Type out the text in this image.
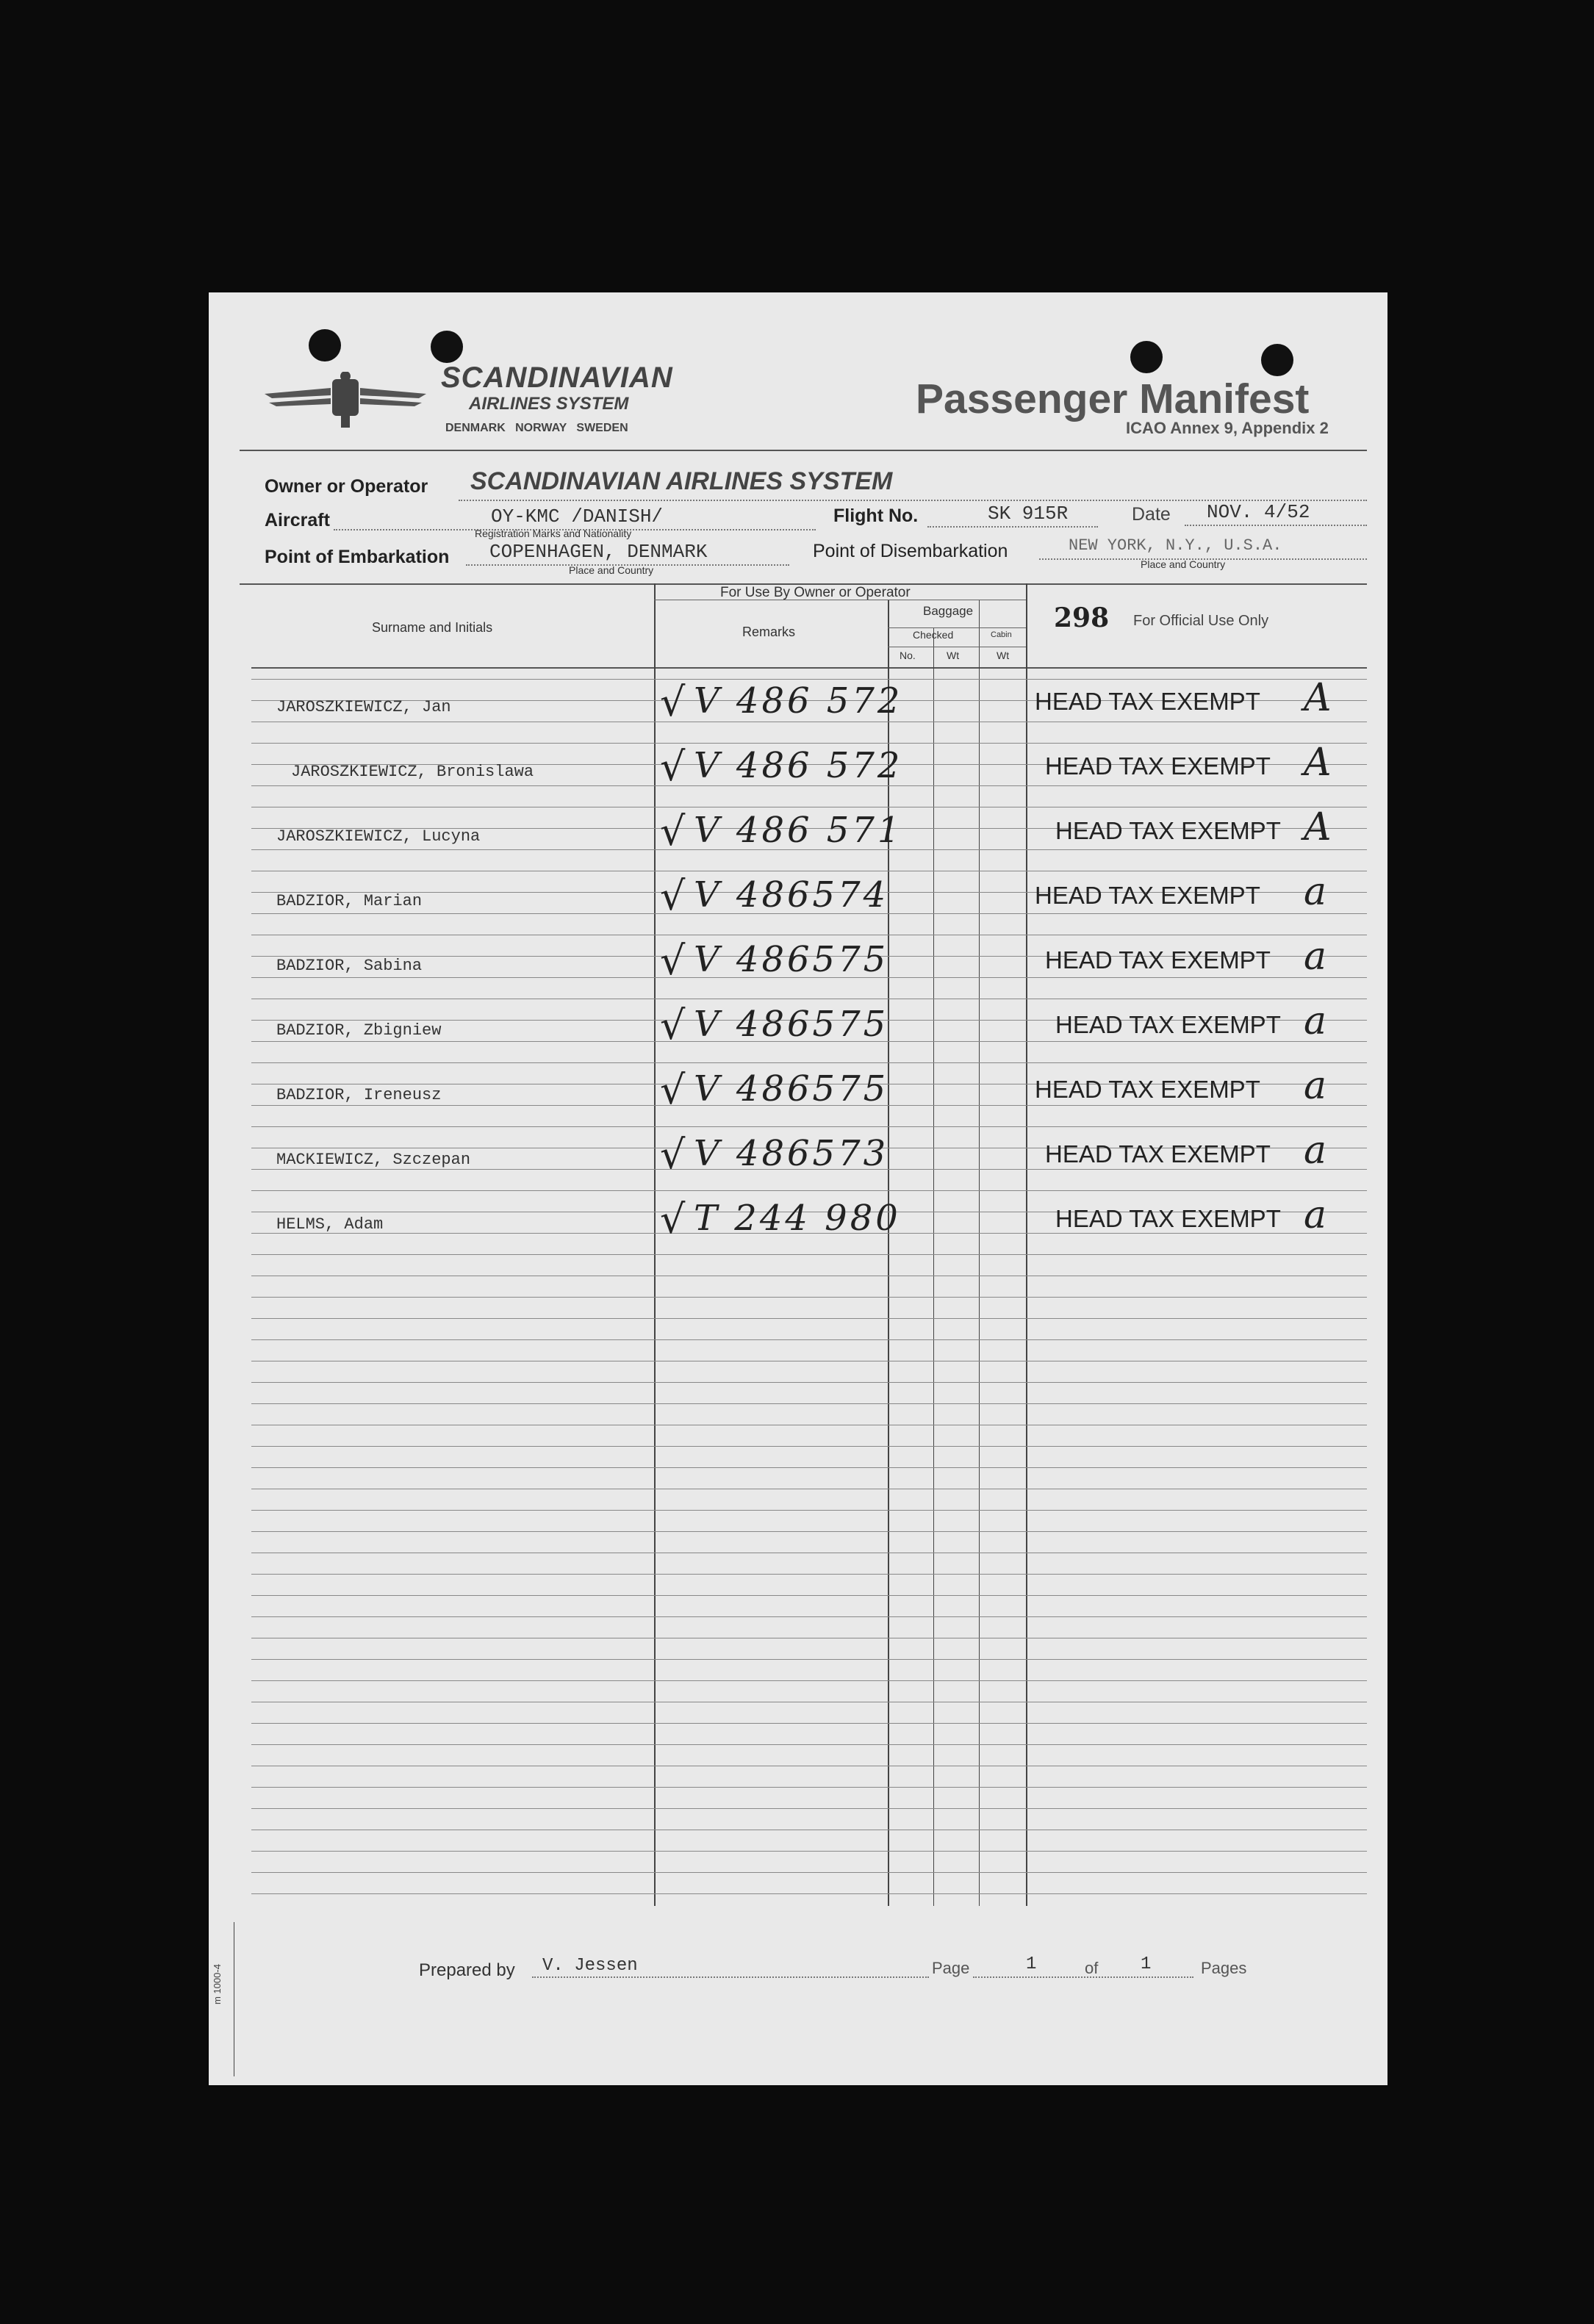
SCANDINAVIAN
AIRLINES SYSTEM
DENMARK   NORWAY   SWEDEN
Passenger Manifest
ICAO Annex 9, Appendix 2
Owner or Operator SCANDINAVIAN AIRLINES SYSTEM
Aircraft	OY-KMC /DANISH/
Registration Marks and Nationality
Flight No.	SK 915R	Date NOV. 4/52
Point of Embarkation COPENHAGEN, DENMARK
Place and Country
Point of Disembarkation	NEW YORK, N.Y., U.S.A.
Place and Country
Surname and Initials
For Use By Owner or Operator
Remarks
Baggage
Checked	Cabin
No.	Wt	Wt
298 For Official Use Only
JAROSZKIEWICZ, Jan	√ V 486 572	HEAD TAX EXEMPT A
JAROSZKIEWICZ, Bronislawa	√ V 486 572	HEAD TAX EXEMPT A
JAROSZKIEWICZ, Lucyna	√ V 486 571	HEAD TAX EXEMPT A
BADZIOR, Marian	√ V 486574	HEAD TAX EXEMPT a
BADZIOR, Sabina	√ V 486575	HEAD TAX EXEMPT a
BADZIOR, Zbigniew	√ V 486575	HEAD TAX EXEMPT a
BADZIOR, Ireneusz	√ V 486575	HEAD TAX EXEMPT a
MACKIEWICZ, Szczepan	√ V 486573	HEAD TAX EXEMPT a
HELMS, Adam	√ T 244 980	HEAD TAX EXEMPT a
m 1000-4	Prepared by V. Jessen	Page	1	of 1	Pages
